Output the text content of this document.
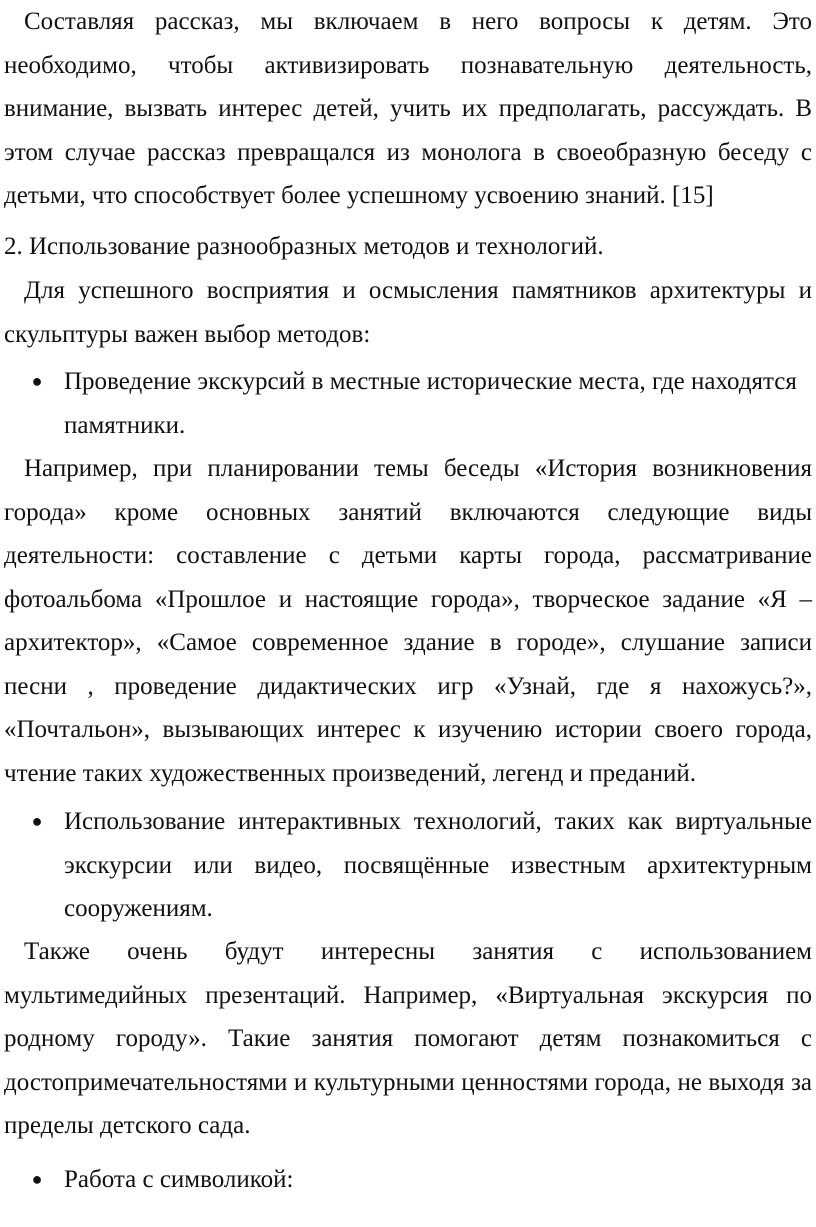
Составляя рассказ, мы включаем в него вопросы к детям. Это необходимо, чтобы активизировать познавательную деятельность, внимание, вызвать интерес детей, учить их предполагать, рассуждать. В этом случае рассказ превращался из монолога в своеобразную беседу с детьми, что способствует более успешному усвоению знаний. [15]

2. Использование разнообразных методов и технологий.

Для успешного восприятия и осмысления памятников архитектуры и скульптуры важен выбор методов:

● Проведение экскурсий в местные исторические места, где находятся памятники.

Например, при планировании темы беседы «История возникновения города» кроме основных занятий включаются следующие виды деятельности: составление с детьми карты города, рассматривание фотоальбома «Прошлое и настоящие города», творческое задание «Я – архитектор», «Самое современное здание в городе», слушание записи песни , проведение дидактических игр «Узнай, где я нахожусь?», «Почтальон», вызывающих интерес к изучению истории своего города, чтение таких художественных произведений, легенд и преданий.

● Использование интерактивных технологий, таких как виртуальные экскурсии или видео, посвящённые известным архитектурным сооружениям.

Также очень будут интересны занятия с использованием мультимедийных презентаций. Например, «Виртуальная экскурсия по родному городу». Такие занятия помогают детям познакомиться с достопримечательностями и культурными ценностями города, не выходя за пределы детского сада.

● Работа с символикой:
